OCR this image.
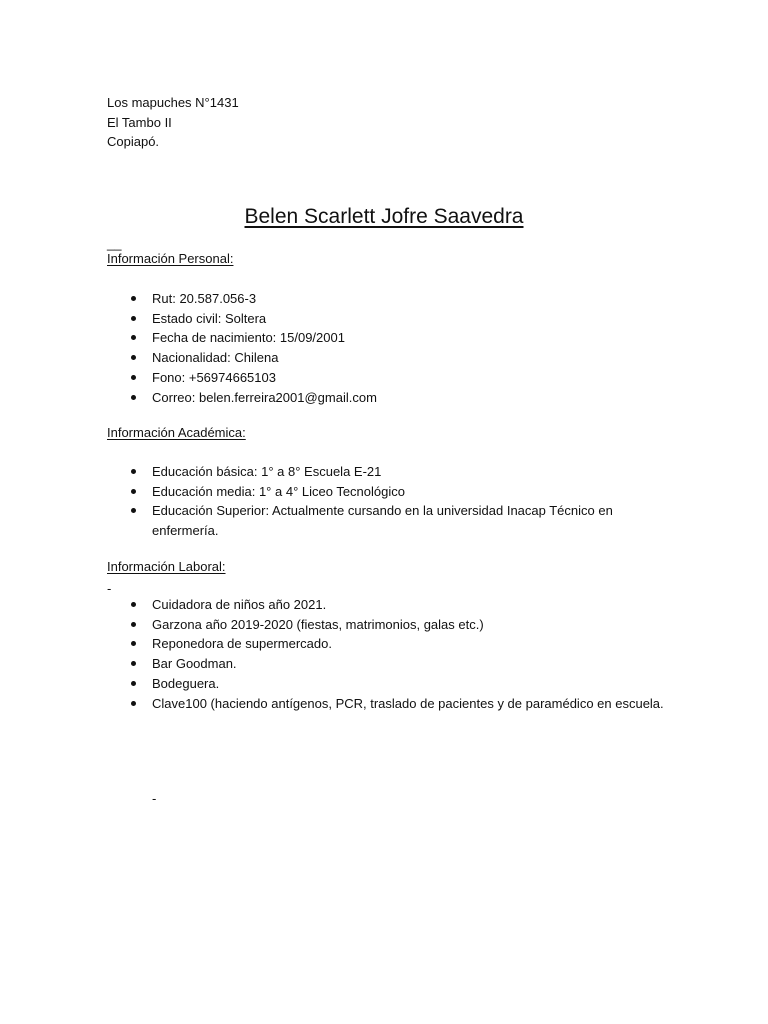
Los mapuches N°1431
El Tambo II
Copiapó.
Belen Scarlett Jofre Saavedra
__
Información Personal:
Rut: 20.587.056-3
Estado civil: Soltera
Fecha de nacimiento: 15/09/2001
Nacionalidad: Chilena
Fono: +56974665103
Correo: belen.ferreira2001@gmail.com
Información Académica:
Educación básica: 1° a 8° Escuela E-21
Educación media: 1° a 4° Liceo Tecnológico
Educación Superior: Actualmente cursando en la universidad Inacap Técnico en enfermería.
Información Laboral:
-
Cuidadora de niños año 2021.
Garzona año 2019-2020 (fiestas, matrimonios, galas etc.)
Reponedora de supermercado.
Bar Goodman.
Bodeguera.
Clave100 (haciendo antígenos, PCR, traslado de pacientes y de paramédico en escuela.
-
